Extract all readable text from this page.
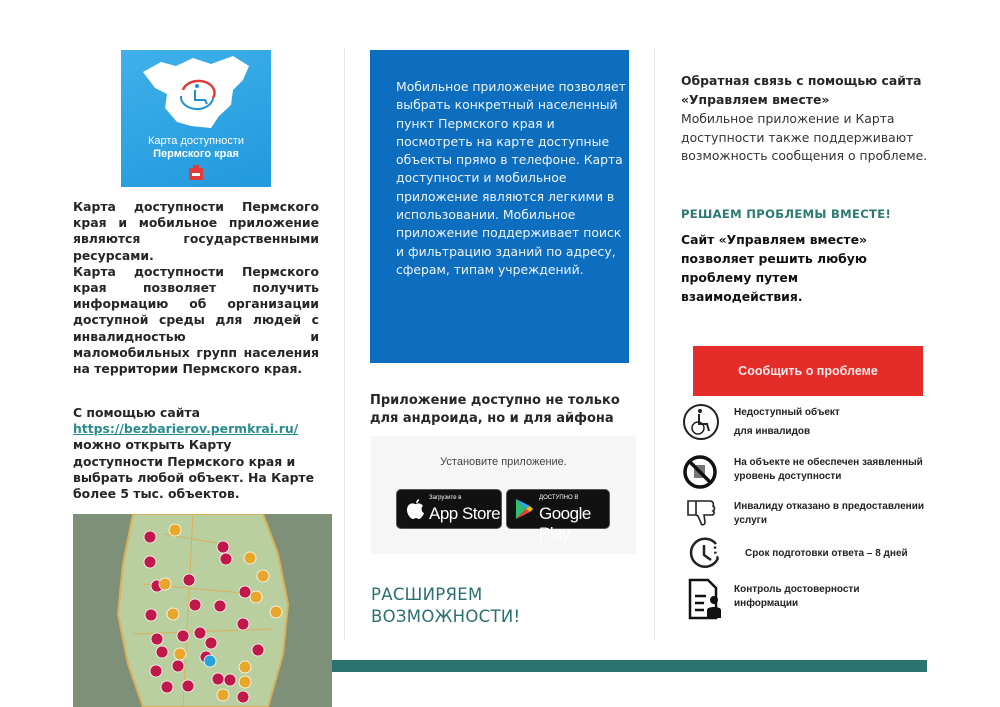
Карта доступности
Пермского края

Карта доступности Пермского края и мобильное приложение являются государственными ресурсами.

Карта доступности Пермского края позволяет получить информацию об организации доступной среды для людей с инвалидностью и маломобильных групп населения на территории Пермского края.

С помощью сайта
https://bezbarierov.permkrai.ru/ можно открыть Карту доступности Пермского края и выбрать любой объект. На Карте более 5 тыс. объектов.
Мобильное приложение позволяет выбрать конкретный населенный пункт Пермского края и посмотреть на карте доступные объекты прямо в телефоне. Карта доступности и мобильное приложение являются легкими в использовании. Мобильное приложение поддерживает поиск и фильтрацию зданий по адресу, сферам, типам учреждений.
Приложение доступно не только для андроида, но и для айфона
Установите приложение.
Загрузите в
App Store
ДОСТУПНО В
Google Play
РАСШИРЯЕМ
ВОЗМОЖНОСТИ!
Обратная связь с помощью сайта «Управляем вместе»
Мобильное приложение и Карта доступности также поддерживают возможность сообщения о проблеме.
РЕШАЕМ ПРОБЛЕМЫ ВМЕСТЕ!
Сайт «Управляем вместе» позволяет решить любую проблему путем взаимодействия.
Сообщить о проблеме
Недоступный объект
для инвалидов
На объекте не обеспечен заявленный
уровень доступности
Инвалиду отказано в предоставлении
услуги
Срок подготовки ответа – 8 дней
Контроль достоверности
информации
